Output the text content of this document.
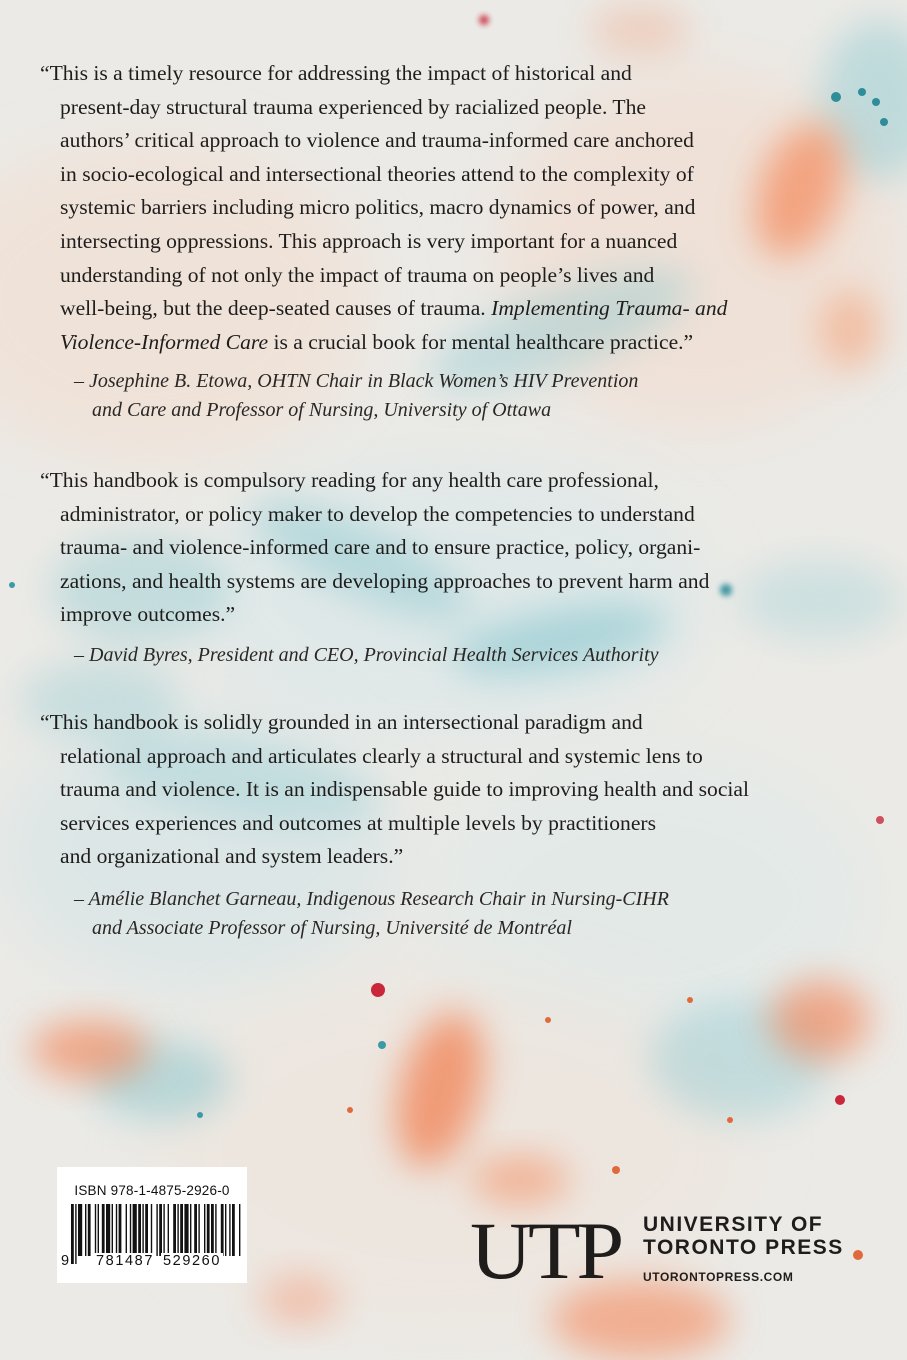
“This is a timely resource for addressing the impact of historical and
present-day structural trauma experienced by racialized people. The
authors’ critical approach to violence and trauma-informed care anchored
in socio-ecological and intersectional theories attend to the complexity of
systemic barriers including micro politics, macro dynamics of power, and
intersecting oppressions. This approach is very important for a nuanced
understanding of not only the impact of trauma on people’s lives and
well-being, but the deep-seated causes of trauma. Implementing Trauma- and
Violence-Informed Care is a crucial book for mental healthcare practice.”

– Josephine B. Etowa, OHTN Chair in Black Women’s HIV Prevention
and Care and Professor of Nursing, University of Ottawa

“This handbook is compulsory reading for any health care professional,
administrator, or policy maker to develop the competencies to understand
trauma- and violence-informed care and to ensure practice, policy, organi-
zations, and health systems are developing approaches to prevent harm and
improve outcomes.”

– David Byres, President and CEO, Provincial Health Services Authority

“This handbook is solidly grounded in an intersectional paradigm and
relational approach and articulates clearly a structural and systemic lens to
trauma and violence. It is an indispensable guide to improving health and social
services experiences and outcomes at multiple levels by practitioners
and organizational and system leaders.”

– Amélie Blanchet Garneau, Indigenous Research Chair in Nursing-CIHR
and Associate Professor of Nursing, Université de Montréal

ISBN 978-1-4875-2926-0
9 781487 529260	UTP UNIVERSITY OF
TORONTO PRESS
UTORONTOPRESS.COM
